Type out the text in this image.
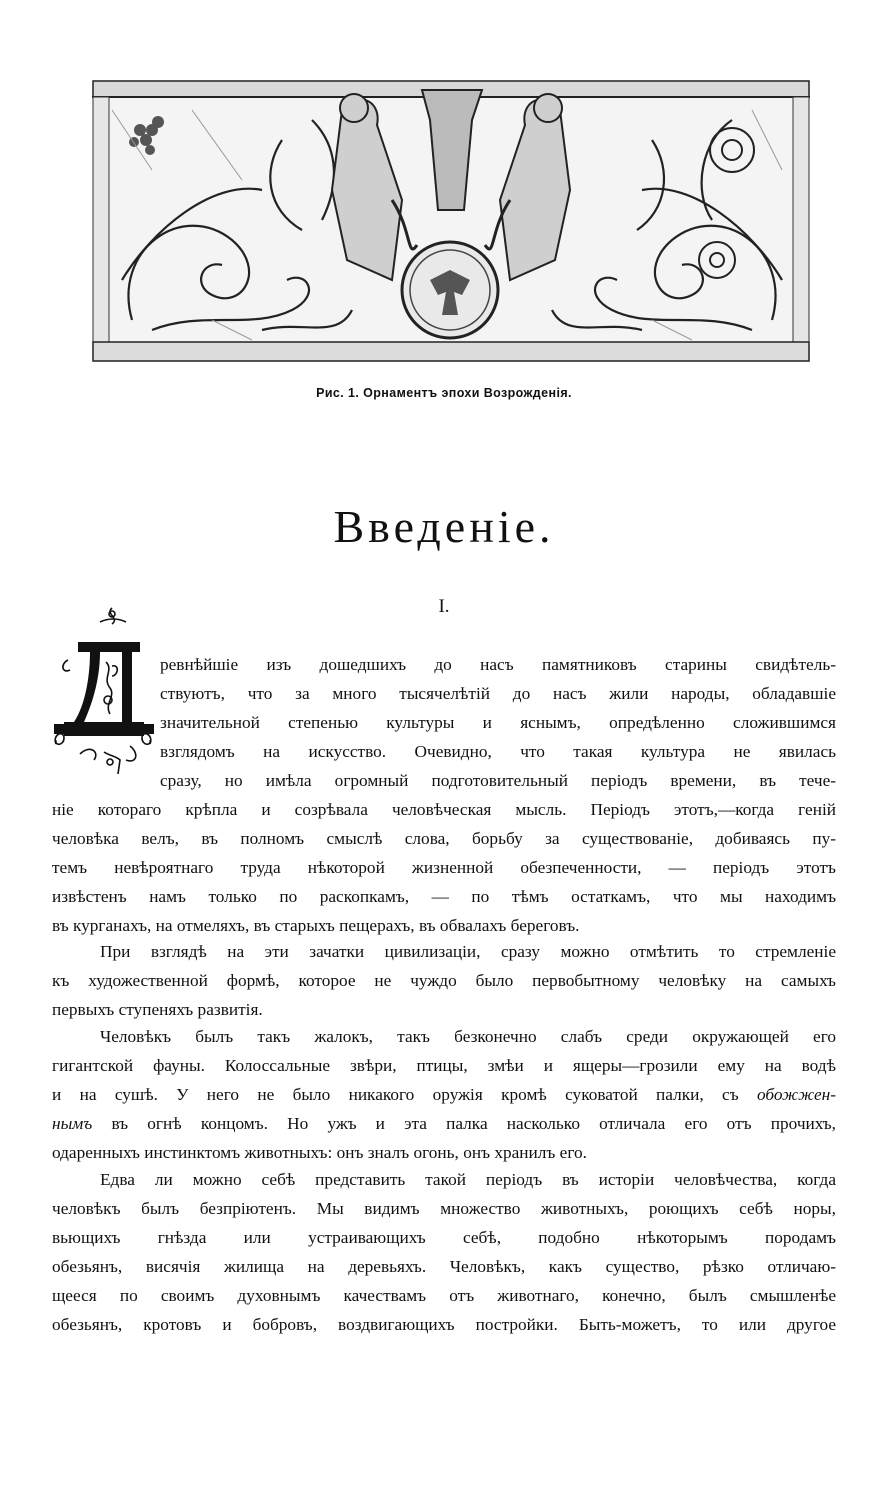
Рис. 1. Орнаментъ эпохи Возрожденія.
Введеніе.
I.

ревнѣйшіе изъ дошедшихъ до насъ памятниковъ старины свидѣтель-

ствуютъ, что за много тысячелѣтій до насъ жили народы, обладавшіе

значительной степенью культуры и яснымъ, опредѣленно сложившимся

взглядомъ на искусство. Очевидно, что такая культура не явилась

сразу, но имѣла огромный подготовительный періодъ времени, въ тече-

ніе котораго крѣпла и созрѣвала человѣческая мысль. Періодъ этотъ,—когда геній

человѣка велъ, въ полномъ смыслѣ слова, борьбу за существованіе, добиваясь пу-

темъ невѣроятнаго труда нѣкоторой жизненной обезпеченности, — періодъ этотъ

извѣстенъ намъ только по раскопкамъ, — по тѣмъ остаткамъ, что мы находимъ

въ курганахъ, на отмеляхъ, въ старыхъ пещерахъ, въ обвалахъ береговъ.

При взглядѣ на эти зачатки цивилизаціи, сразу можно отмѣтить то стремленіе

къ художественной формѣ, которое не чуждо было первобытному человѣку на самыхъ

первыхъ ступеняхъ развитія.

Человѣкъ былъ такъ жалокъ, такъ безконечно слабъ среди окружающей его

гигантской фауны. Колоссальные звѣри, птицы, змѣи и ящеры—грозили ему на водѣ

и на сушѣ. У него не было никакого оружія кромѣ суковатой палки, съ обожжен-

нымъ въ огнѣ концомъ. Но ужъ и эта палка насколько отличала его отъ прочихъ,

одаренныхъ инстинктомъ животныхъ: онъ зналъ огонь, онъ хранилъ его.

Едва ли можно себѣ представить такой періодъ въ исторіи человѣчества, когда

человѣкъ былъ безпріютенъ. Мы видимъ множество животныхъ, роющихъ себѣ норы,

вьющихъ гнѣзда или устраивающихъ себѣ, подобно нѣкоторымъ породамъ

обезьянъ, висячія жилища на деревьяхъ. Человѣкъ, какъ существо, рѣзко отличаю-

щееся по своимъ духовнымъ качествамъ отъ животнаго, конечно, былъ смышленѣе

обезьянъ, кротовъ и бобровъ, воздвигающихъ постройки. Быть-можетъ, то или другое
